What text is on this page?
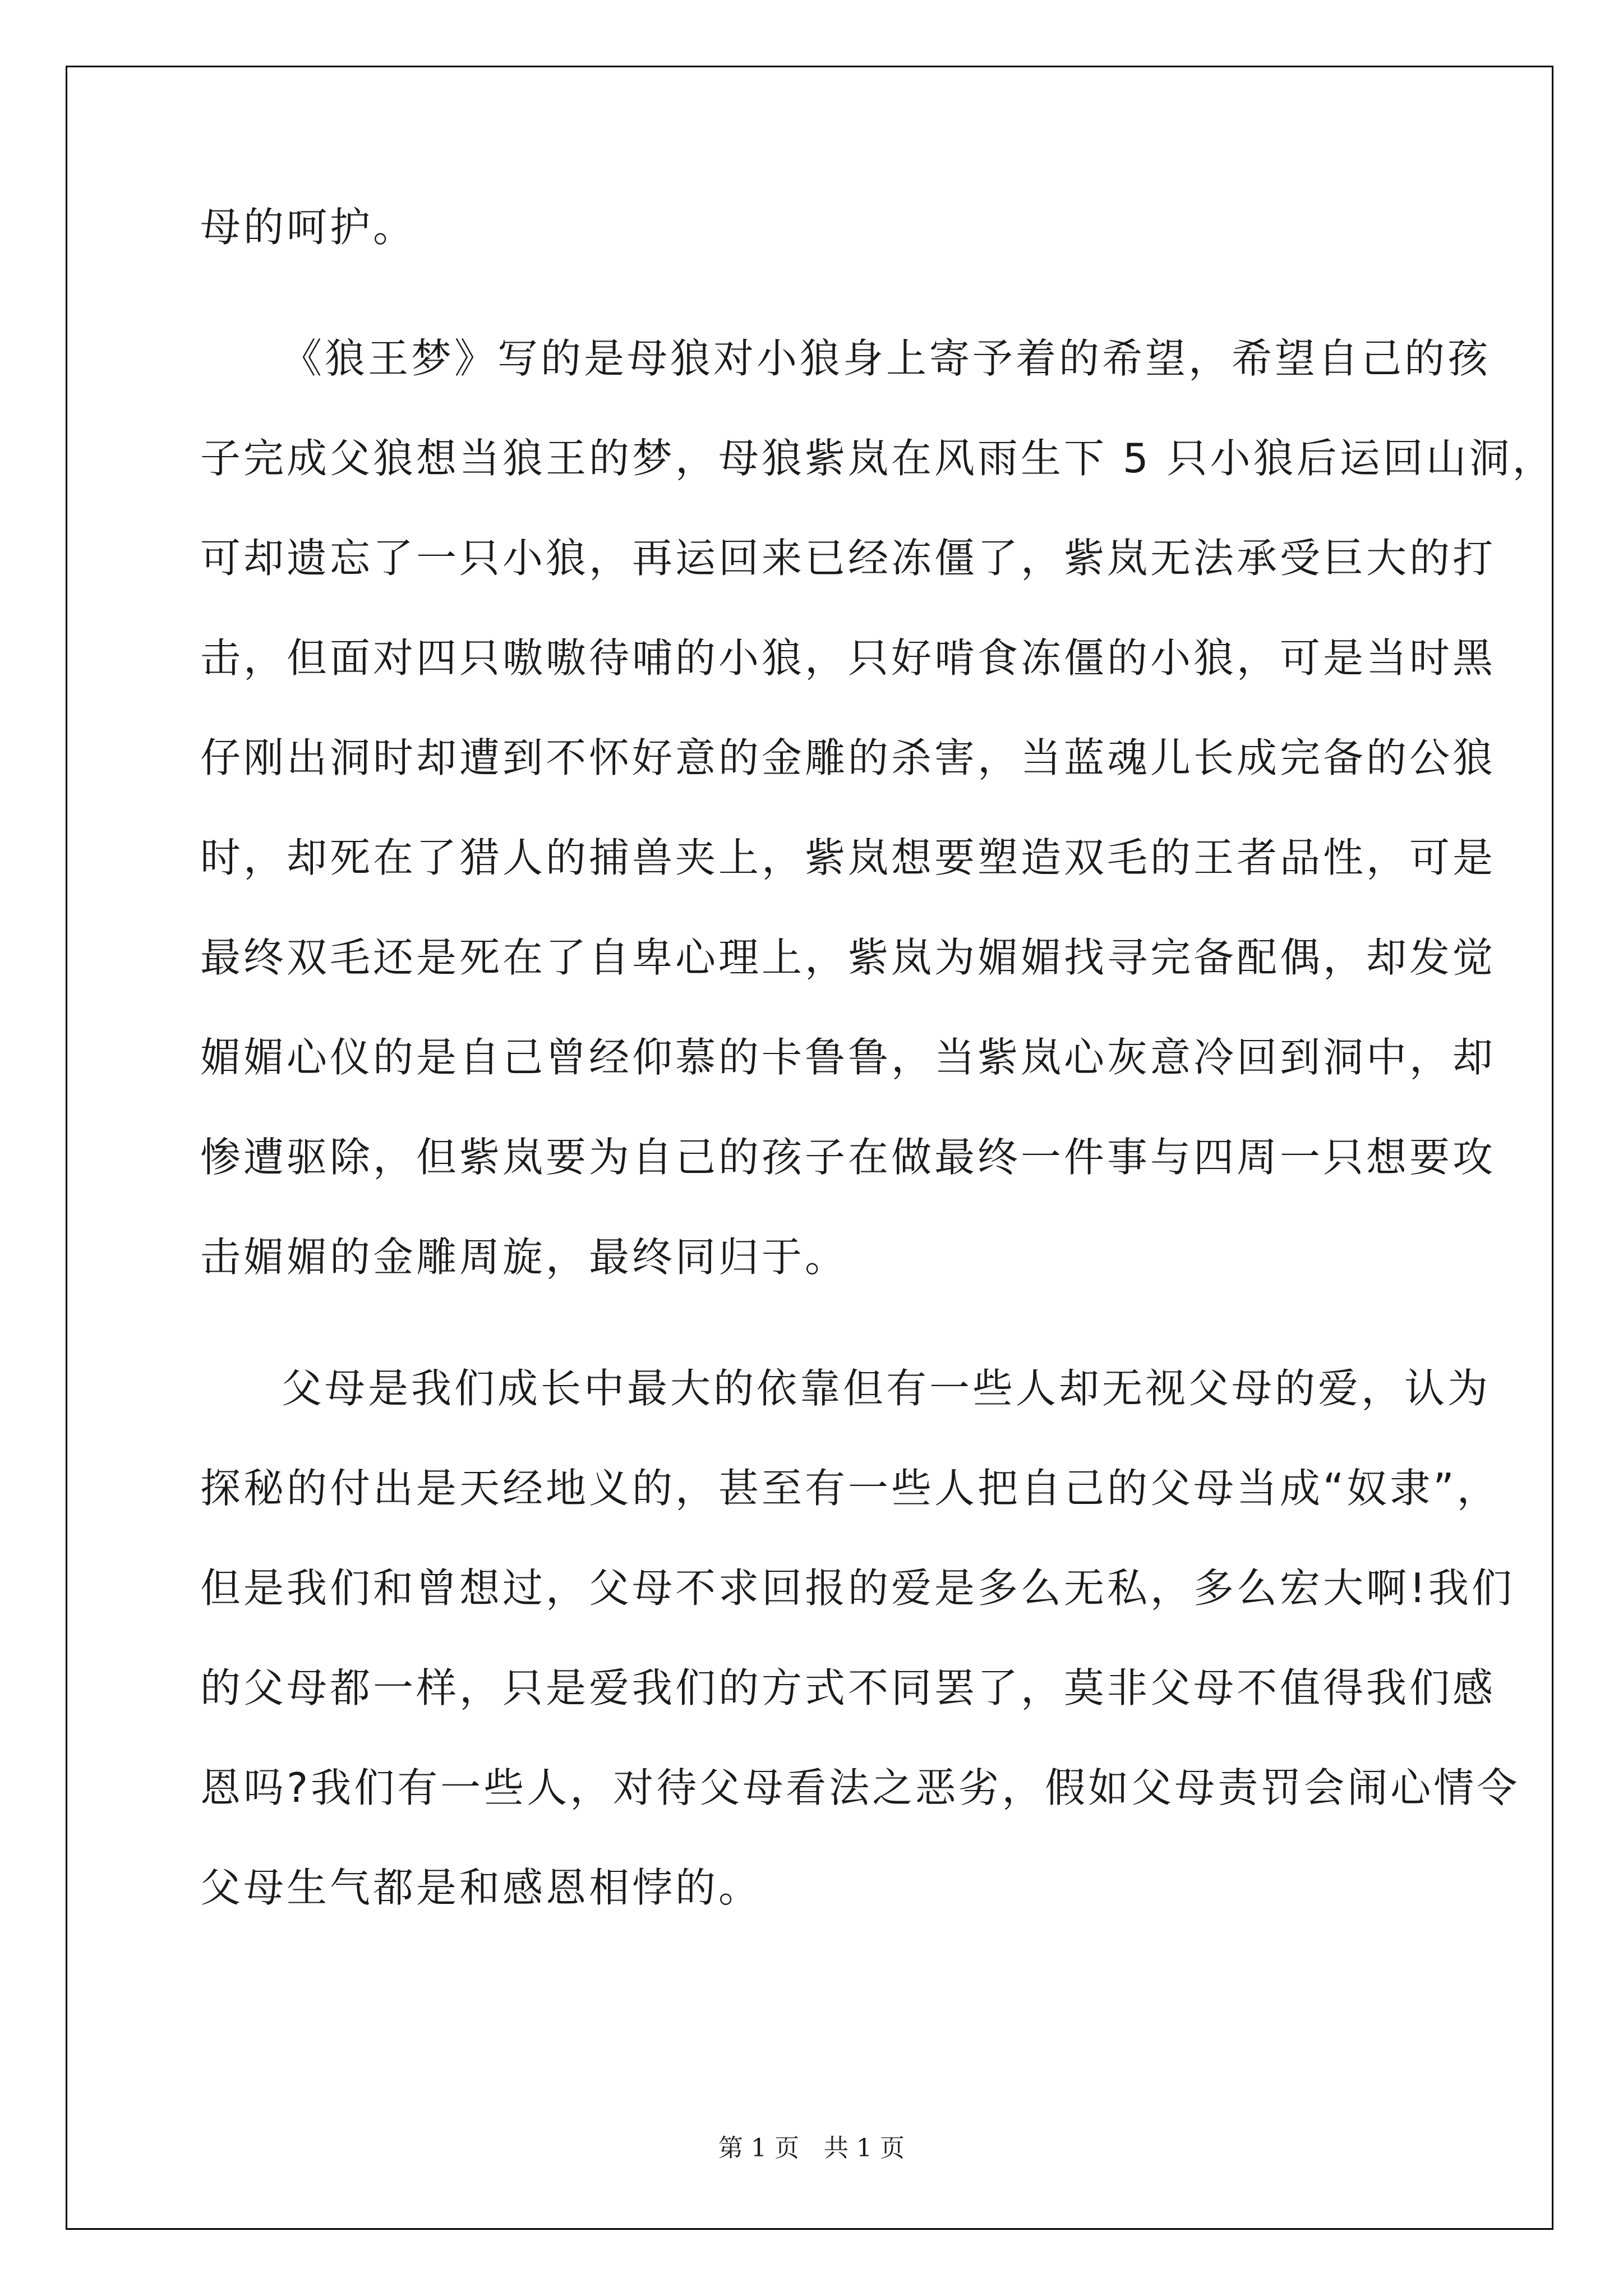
母的呵护。
《狼王梦》写的是母狼对小狼身上寄予着的希望，希望自己的孩
子完成父狼想当狼王的梦，母狼紫岚在风雨生下 5 只小狼后运回山洞，
可却遗忘了一只小狼，再运回来已经冻僵了，紫岚无法承受巨大的打
击，但面对四只嗷嗷待哺的小狼，只好啃食冻僵的小狼，可是当时黑
仔刚出洞时却遭到不怀好意的金雕的杀害，当蓝魂儿长成完备的公狼
时，却死在了猎人的捕兽夹上，紫岚想要塑造双毛的王者品性，可是
最终双毛还是死在了自卑心理上，紫岚为媚媚找寻完备配偶，却发觉
媚媚心仪的是自己曾经仰慕的卡鲁鲁，当紫岚心灰意冷回到洞中，却
惨遭驱除，但紫岚要为自己的孩子在做最终一件事与四周一只想要攻
击媚媚的金雕周旋，最终同归于。
父母是我们成长中最大的依靠但有一些人却无视父母的爱，认为
探秘的付出是天经地义的，甚至有一些人把自己的父母当成“奴隶”，
但是我们和曾想过，父母不求回报的爱是多么无私，多么宏大啊!我们
的父母都一样，只是爱我们的方式不同罢了，莫非父母不值得我们感
恩吗?我们有一些人，对待父母看法之恶劣，假如父母责罚会闹心情令
父母生气都是和感恩相悖的。
第 1 页　共 1 页
